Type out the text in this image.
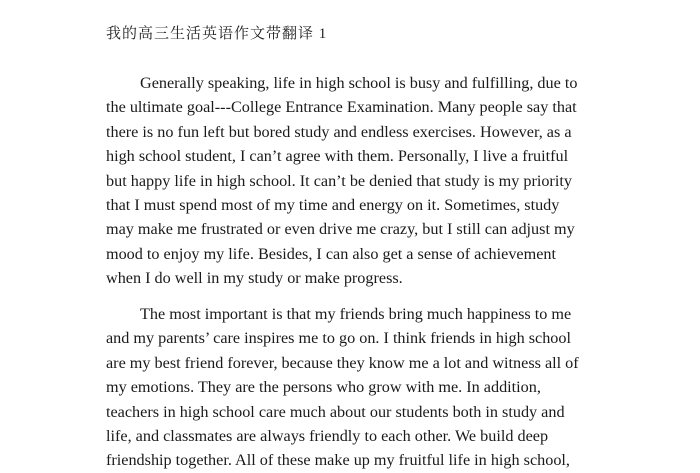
我的高三生活英语作文带翻译 1
Generally speaking, life in high school is busy and fulfilling, due to
the ultimate goal---College Entrance Examination. Many people say that
there is no fun left but bored study and endless exercises. However, as a
high school student, I can’t agree with them. Personally, I live a fruitful
but happy life in high school. It can’t be denied that study is my priority
that I must spend most of my time and energy on it. Sometimes, study
may make me frustrated or even drive me crazy, but I still can adjust my
mood to enjoy my life. Besides, I can also get a sense of achievement
when I do well in my study or make progress.
The most important is that my friends bring much happiness to me
and my parents’ care inspires me to go on. I think friends in high school
are my best friend forever, because they know me a lot and witness all of
my emotions. They are the persons who grow with me. In addition,
teachers in high school care much about our students both in study and
life, and classmates are always friendly to each other. We build deep
friendship together. All of these make up my fruitful life in high school,
